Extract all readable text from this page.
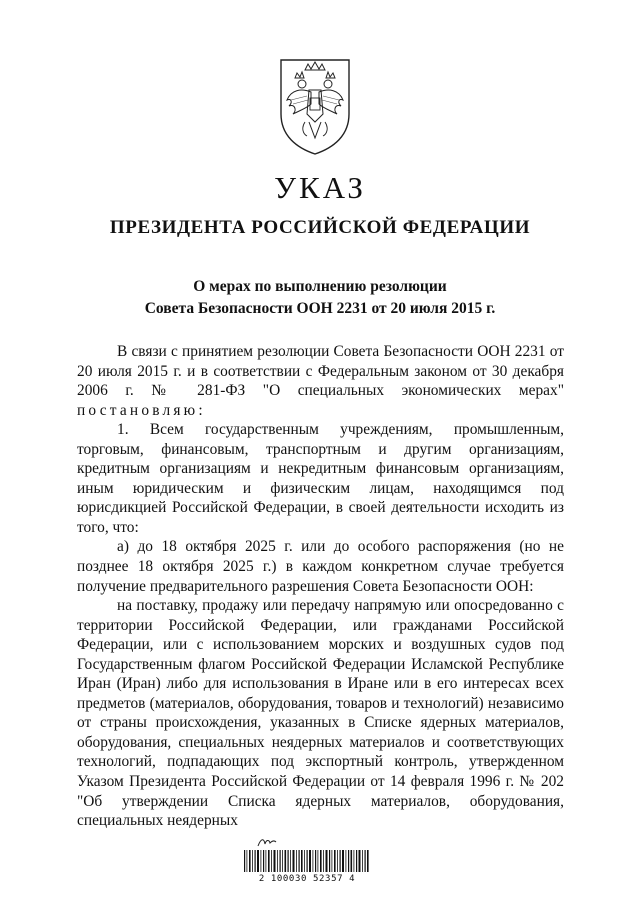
УКАЗ
ПРЕЗИДЕНТА РОССИЙСКОЙ ФЕДЕРАЦИИ
О мерах по выполнению резолюции
Совета Безопасности ООН 2231 от 20 июля 2015 г.

В связи с принятием резолюции Совета Безопасности ООН 2231 от 20 июля 2015 г. и в соответствии с Федеральным законом от 30 декабря 2006 г. № 281-ФЗ "О специальных экономических мерах" постановляю:

1. Всем государственным учреждениям, промышленным, торговым, финансовым, транспортным и другим организациям, кредитным организациям и некредитным финансовым организациям, иным юридическим и физическим лицам, находящимся под юрисдикцией Российской Федерации, в своей деятельности исходить из того, что:

а) до 18 октября 2025 г. или до особого распоряжения (но не позднее 18 октября 2025 г.) в каждом конкретном случае требуется получение предварительного разрешения Совета Безопасности ООН:

на поставку, продажу или передачу напрямую или опосредованно с территории Российской Федерации, или гражданами Российской Федерации, или с использованием морских и воздушных судов под Государственным флагом Российской Федерации Исламской Республике Иран (Иран) либо для использования в Иране или в его интересах всех предметов (материалов, оборудования, товаров и технологий) независимо от страны происхождения, указанных в Списке ядерных материалов, оборудования, специальных неядерных материалов и соответствующих технологий, подпадающих под экспортный контроль, утвержденном Указом Президента Российской Федерации от 14 февраля 1996 г. № 202 "Об утверждении Списка ядерных материалов, оборудования, специальных неядерных

2 100030 52357 4
